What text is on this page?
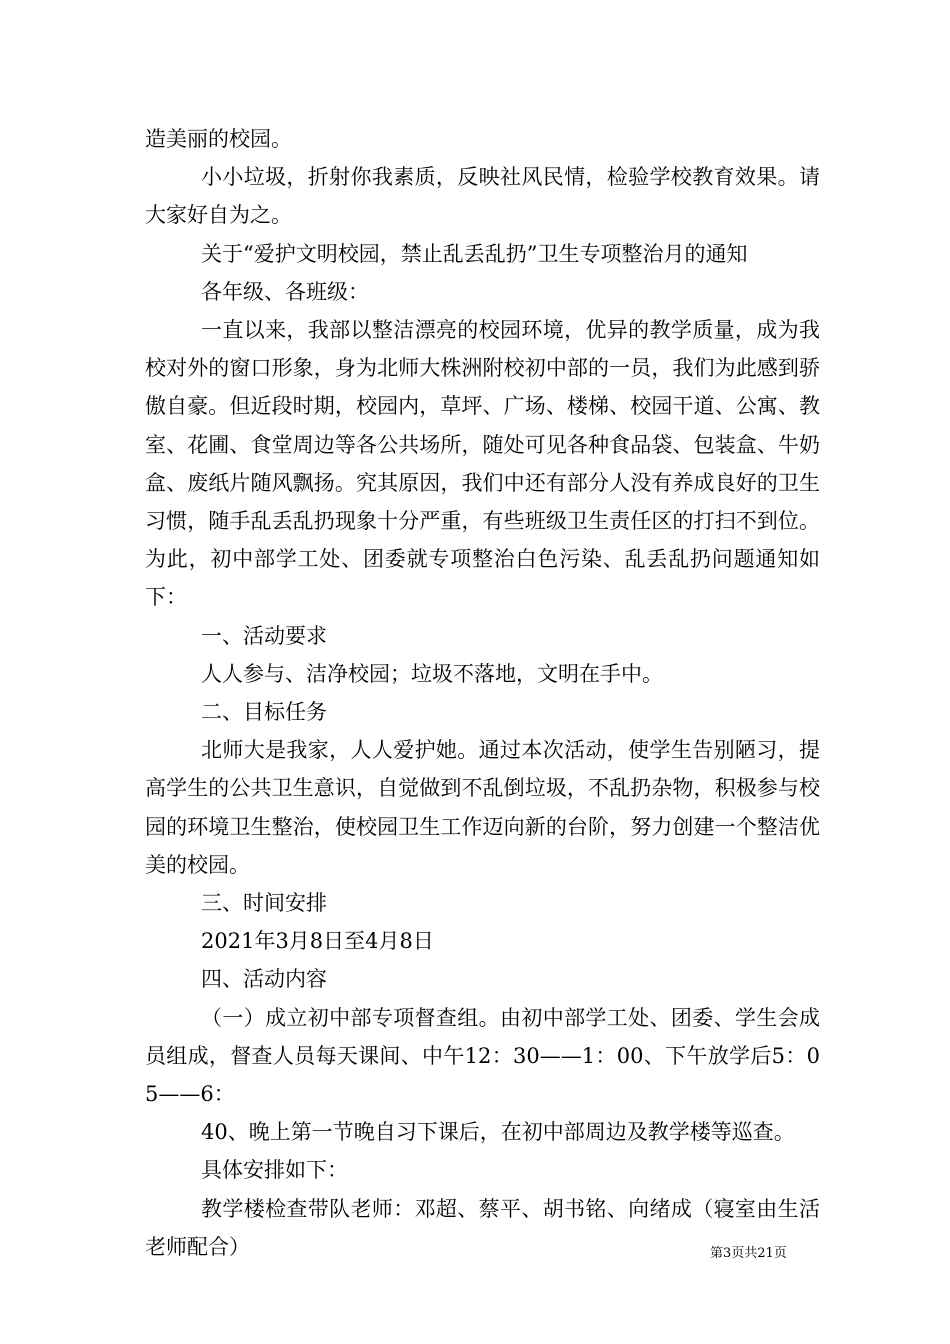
造美丽的校园。

小小垃圾，折射你我素质，反映社风民情，检验学校教育效果。请大家好自为之。

关于“爱护文明校园，禁止乱丢乱扔”卫生专项整治月的通知

各年级、各班级：

一直以来，我部以整洁漂亮的校园环境，优异的教学质量，成为我校对外的窗口形象，身为北师大株洲附校初中部的一员，我们为此感到骄傲自豪。但近段时期，校园内，草坪、广场、楼梯、校园干道、公寓、教室、花圃、食堂周边等各公共场所，随处可见各种食品袋、包装盒、牛奶盒、废纸片随风飘扬。究其原因，我们中还有部分人没有养成良好的卫生习惯，随手乱丢乱扔现象十分严重，有些班级卫生责任区的打扫不到位。为此，初中部学工处、团委就专项整治白色污染、乱丢乱扔问题通知如下：

一、活动要求

人人参与、洁净校园；垃圾不落地，文明在手中。

二、目标任务

北师大是我家，人人爱护她。通过本次活动，使学生告别陋习，提高学生的公共卫生意识，自觉做到不乱倒垃圾，不乱扔杂物，积极参与校园的环境卫生整治，使校园卫生工作迈向新的台阶，努力创建一个整洁优美的校园。

三、时间安排

2021年3月8日至4月8日

四、活动内容

（一）成立初中部专项督查组。由初中部学工处、团委、学生会成员组成，督查人员每天课间、中午12：30——1：00、下午放学后5：05——6：

40、晚上第一节晚自习下课后，在初中部周边及教学楼等巡查。

具体安排如下：

教学楼检查带队老师：邓超、蔡平、胡书铭、向绪成（寝室由生活老师配合）	第3页共21页
